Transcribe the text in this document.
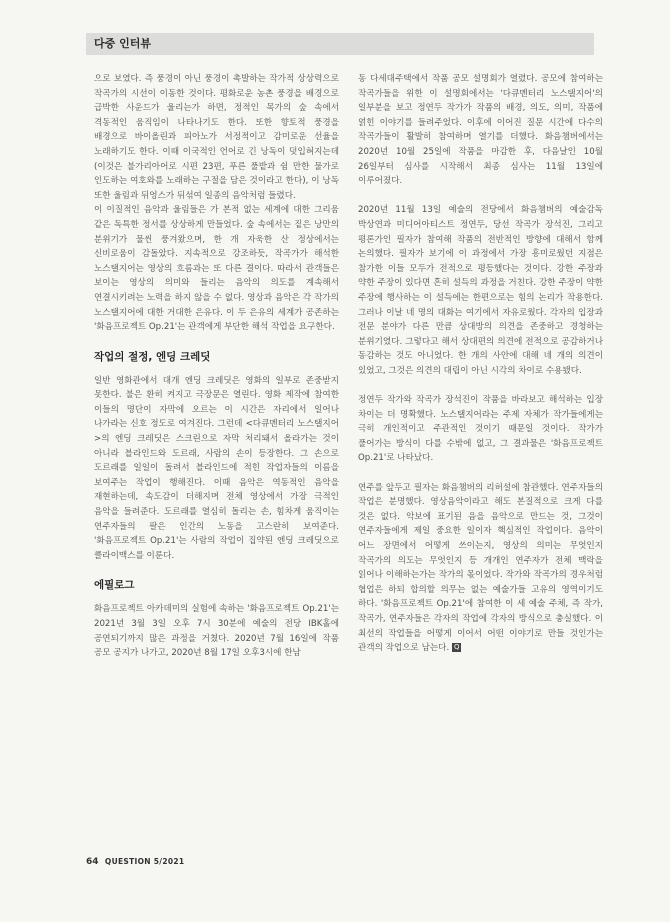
다중 인터뷰

으로 보였다. 즉 풍경이 아닌 풍경이 촉발하는 작가적 상상력으로 작곡가의 시선이 이동한 것이다. 평화로운 농촌 풍경을 배경으로 급박한 사운드가 울리는가 하면, 정적인 목가의 숲 속에서 격동적인 움직임이 나타나기도 한다. 또한 향토적 풍경을 배경으로 바이올린과 피아노가 서정적이고 감미로운 선율을 노래하기도 한다. 이때 이국적인 언어로 긴 낭독이 덧입혀지는데(이것은 불가리아어로 시편 23편, 푸른 풀밭과 쉼 만한 물가로 인도하는 여호와를 노래하는 구절을 담은 것이라고 한다), 이 낭독 또한 울림과 뒤엉스가 뒤섞여 일종의 음악처럼 들렸다.

이 이질적인 음악과 울림들은 가 본적 없는 세계에 대한 그리움 같은 독특한 정서를 상상하게 만들었다. 숲 속에서는 짙은 낭만의 분위기가 물씬 풍겨왔으며, 한 개 자욱한 산 정상에서는 신비로움이 감돌았다. 지속적으로 강조하듯, 작곡가가 해석한 노스탤지어는 영상의 흐름과는 또 다른 결이다. 따라서 관객들은 보이는 영상의 의미와 들리는 음악의 의도를 계속해서 연결시키려는 노력을 하지 않을 수 없다. 영상과 음악은 각 작가의 노스탤지어에 대한 거대한 은유다. 이 두 은유의 세계가 공존하는 '화음프로젝트 Op.21'는 관객에게 부단한 해석 작업을 요구한다.

작업의 절정, 엔딩 크레딧

일반 영화관에서 대개 엔딩 크레딧은 영화의 일부로 존중받지 못한다. 불은 환히 켜지고 극장문은 열린다. 영화 제작에 참여한 이들의 명단이 자막에 오르는 이 시간은 자리에서 일어나 나가라는 신호 정도로 여겨진다. 그런데 <다큐멘터리 노스탤지어>의 엔딩 크레딧은 스크린으로 자막 처리돼서 올라가는 것이 아니라 블라인드와 도르래, 사람의 손이 등장한다. 그 손으로 도르래를 일일이 돌려서 블라인드에 적힌 작업자들의 이름을 보여주는 작업이 행해진다. 이때 음악은 역동적인 음악을 재현하는데, 속도감이 더해지며 전체 영상에서 가장 극적인 음악을 들려준다. 도르래를 열심히 돌리는 손, 힘차게 움직이는 연주자들의 팔은 인간의 노동을 고스란히 보여준다. '화음프로젝트 Op.21'는 사람의 작업이 집약된 엔딩 크레딧으로 클라이맥스를 이룬다.

에필로그

화음프로젝트 아카데미의 실험에 속하는 '화음프로젝트 Op.21'는 2021년 3월 3일 오후 7시 30분에 예술의 전당 IBK홀에 공연되기까지 많은 과정을 거쳤다. 2020년 7월 16일에 작품 공모 공지가 나가고, 2020년 8월 17일 오후3시에 한남

동 다세대주택에서 작품 공모 설명회가 열렸다. 공모에 참여하는 작곡가들을 위한 이 설명회에서는 '다큐멘터리 노스탤지어'의 일부분을 보고 정연두 작가가 작품의 배경, 의도, 의미, 작품에 얽힌 이야기를 들려주었다. 이후에 이어진 질문 시간에 다수의 작곡가들이 활발히 참여하며 열기를 더했다. 화음챔버에서는 2020년 10월 25일에 작품을 마감한 후, 다음날인 10월 26일부터 심사를 시작해서 최종 심사는 11월 13일에 이루어졌다.

2020년 11월 13일 예술의 전당에서 화음챔버의 예술감독 박상연과 미디어아티스트 정연두, 당선 작곡가 장석진, 그리고 평론가인 필자가 참여해 작품의 전반적인 방향에 대해서 함께 논의했다. 필자가 보기에 이 과정에서 가장 흥미로웠던 지점은 참가한 이들 모두가 전적으로 평등했다는 것이다. 강한 주장과 약한 주장이 있다면 흔히 설득의 과정을 거친다. 강한 주장이 약한 주장에 행사하는 이 설득에는 한편으로는 힘의 논리가 작용한다. 그러나 이날 네 명의 대화는 여기에서 자유로웠다. 각자의 입장과 전문 분야가 다른 만큼 상대방의 의견을 존중하고 경청하는 분위기였다. 그렇다고 해서 상대편의 의견에 전적으로 공감하거나 동감하는 것도 아니었다. 한 개의 사안에 대해 네 개의 의견이 있었고, 그것은 의견의 대립이 아닌 시각의 차이로 수용됐다.

정연두 작가와 작곡가 장석진이 작품을 바라보고 해석하는 입장 차이는 더 명확했다. 노스탤지어라는 주제 자체가 작가들에게는 극히 개인적이고 주관적인 것이기 때문일 것이다. 작가가 풀어가는 방식이 다를 수밖에 없고, 그 결과물은 '화음프로젝트 Op.21'로 나타났다.

연주를 앞두고 필자는 화음챔버의 리허설에 참관했다. 연주자들의 작업은 분명했다. 영상음악이라고 해도 본질적으로 크게 다를 것은 없다. 악보에 표기된 음을 음악으로 만드는 것, 그것이 연주자들에게 제일 중요한 일이자 핵심적인 작업이다. 음악이 어느 장면에서 어떻게 쓰이는지, 영상의 의미는 무엇인지 작곡가의 의도는 무엇인지 등 개개인 연주자가 전체 맥락을 읽어나 이해하는가는 작가의 몫이었다. 작가와 작곡가의 경우처럼 협업은 하되 합의할 의무는 없는 예술가들 고유의 영역이기도 하다. '화음프로젝트 Op.21'에 참여한 이 세 예술 주체, 즉 작가, 작곡가, 연주자들은 각자의 작업에 각자의 방식으로 충실했다. 이 최선의 작업들을 어떻게 이어서 어떤 이야기로 만들 것인가는 관객의 작업으로 남는다. Q

64 QUESTION 5/2021
